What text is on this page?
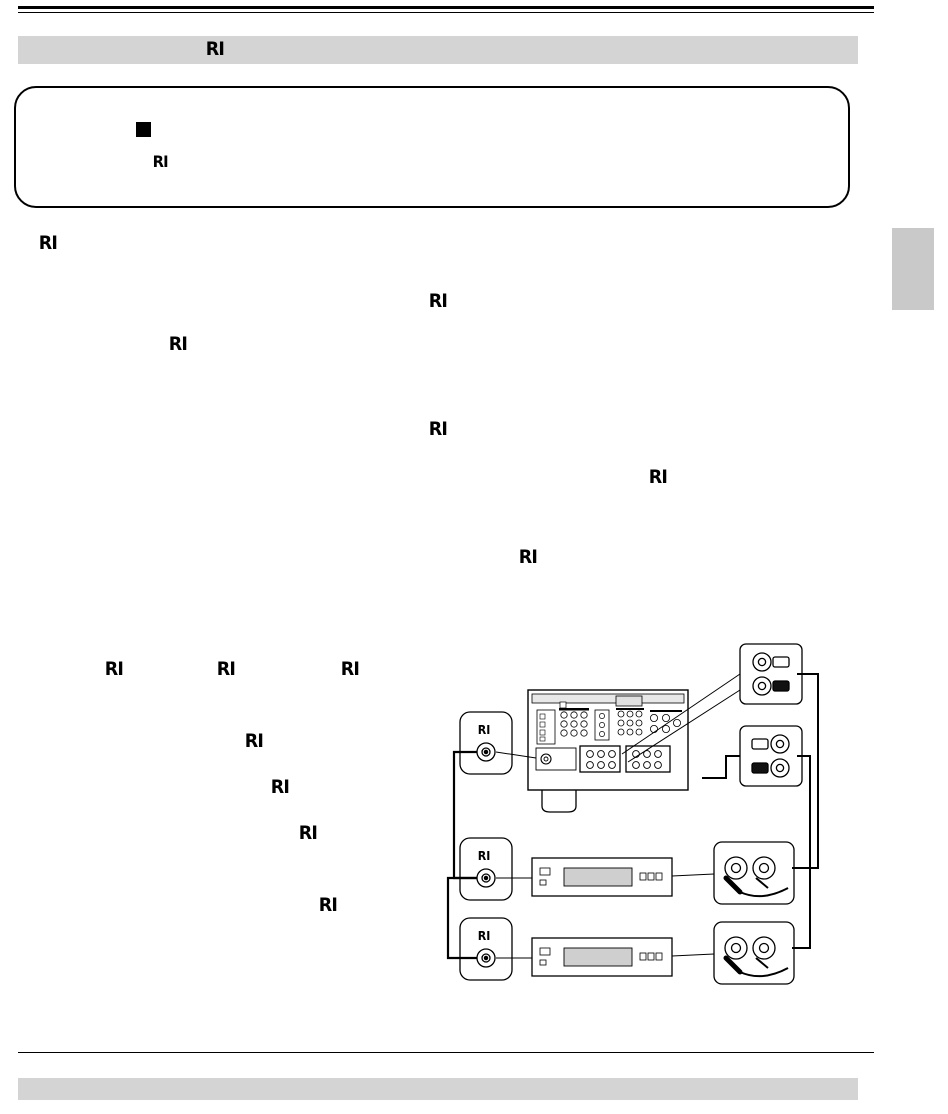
RI
RI
RI
RI
RI
RI
RI
RI
RI	RI	RI
RI
RI
RI
RI
RI
RI
RI
